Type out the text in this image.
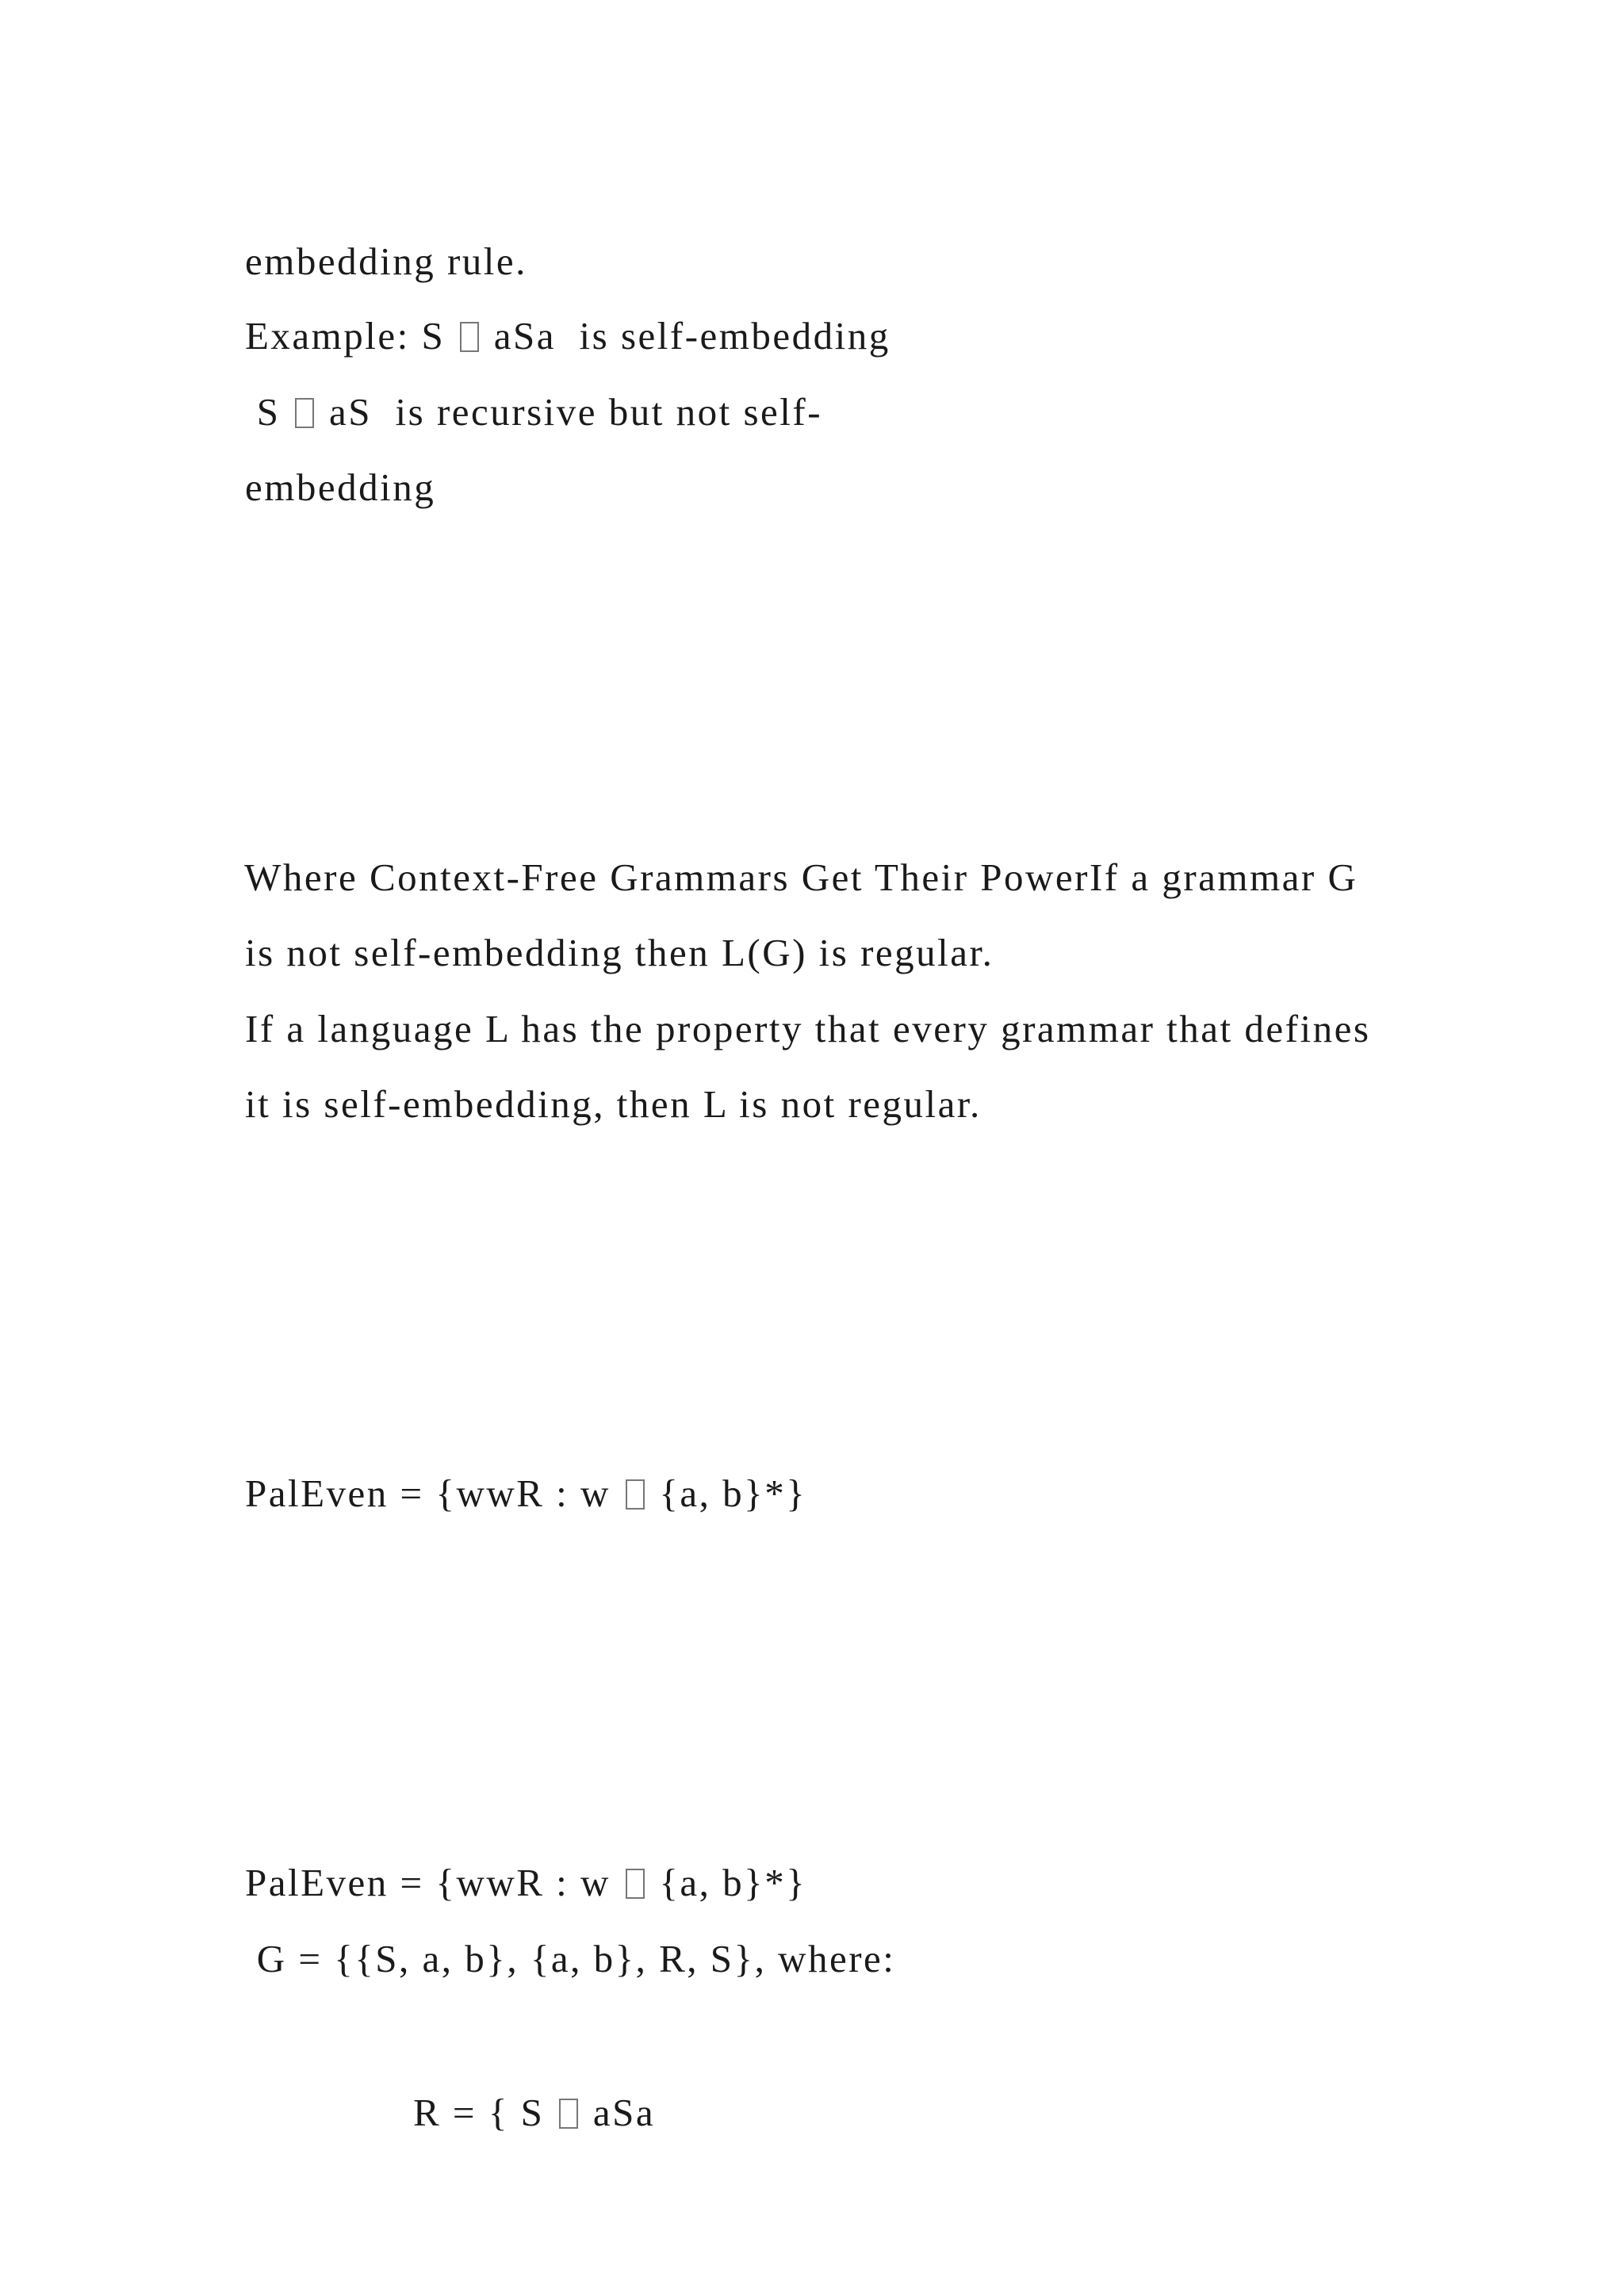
embedding rule.

Example: S  aSa  is self-embedding

S  aS  is recursive but not self-

embedding

Where Context-Free Grammars Get Their PowerIf a grammar G

is not self-embedding then L(G) is regular.

If a language L has the property that every grammar that defines

it is self-embedding, then L is not regular.

PalEven = {wwR : w  {a, b}*}

PalEven = {wwR : w  {a, b}*}

G = {{S, a, b}, {a, b}, R, S}, where:

R = { S  aSa
